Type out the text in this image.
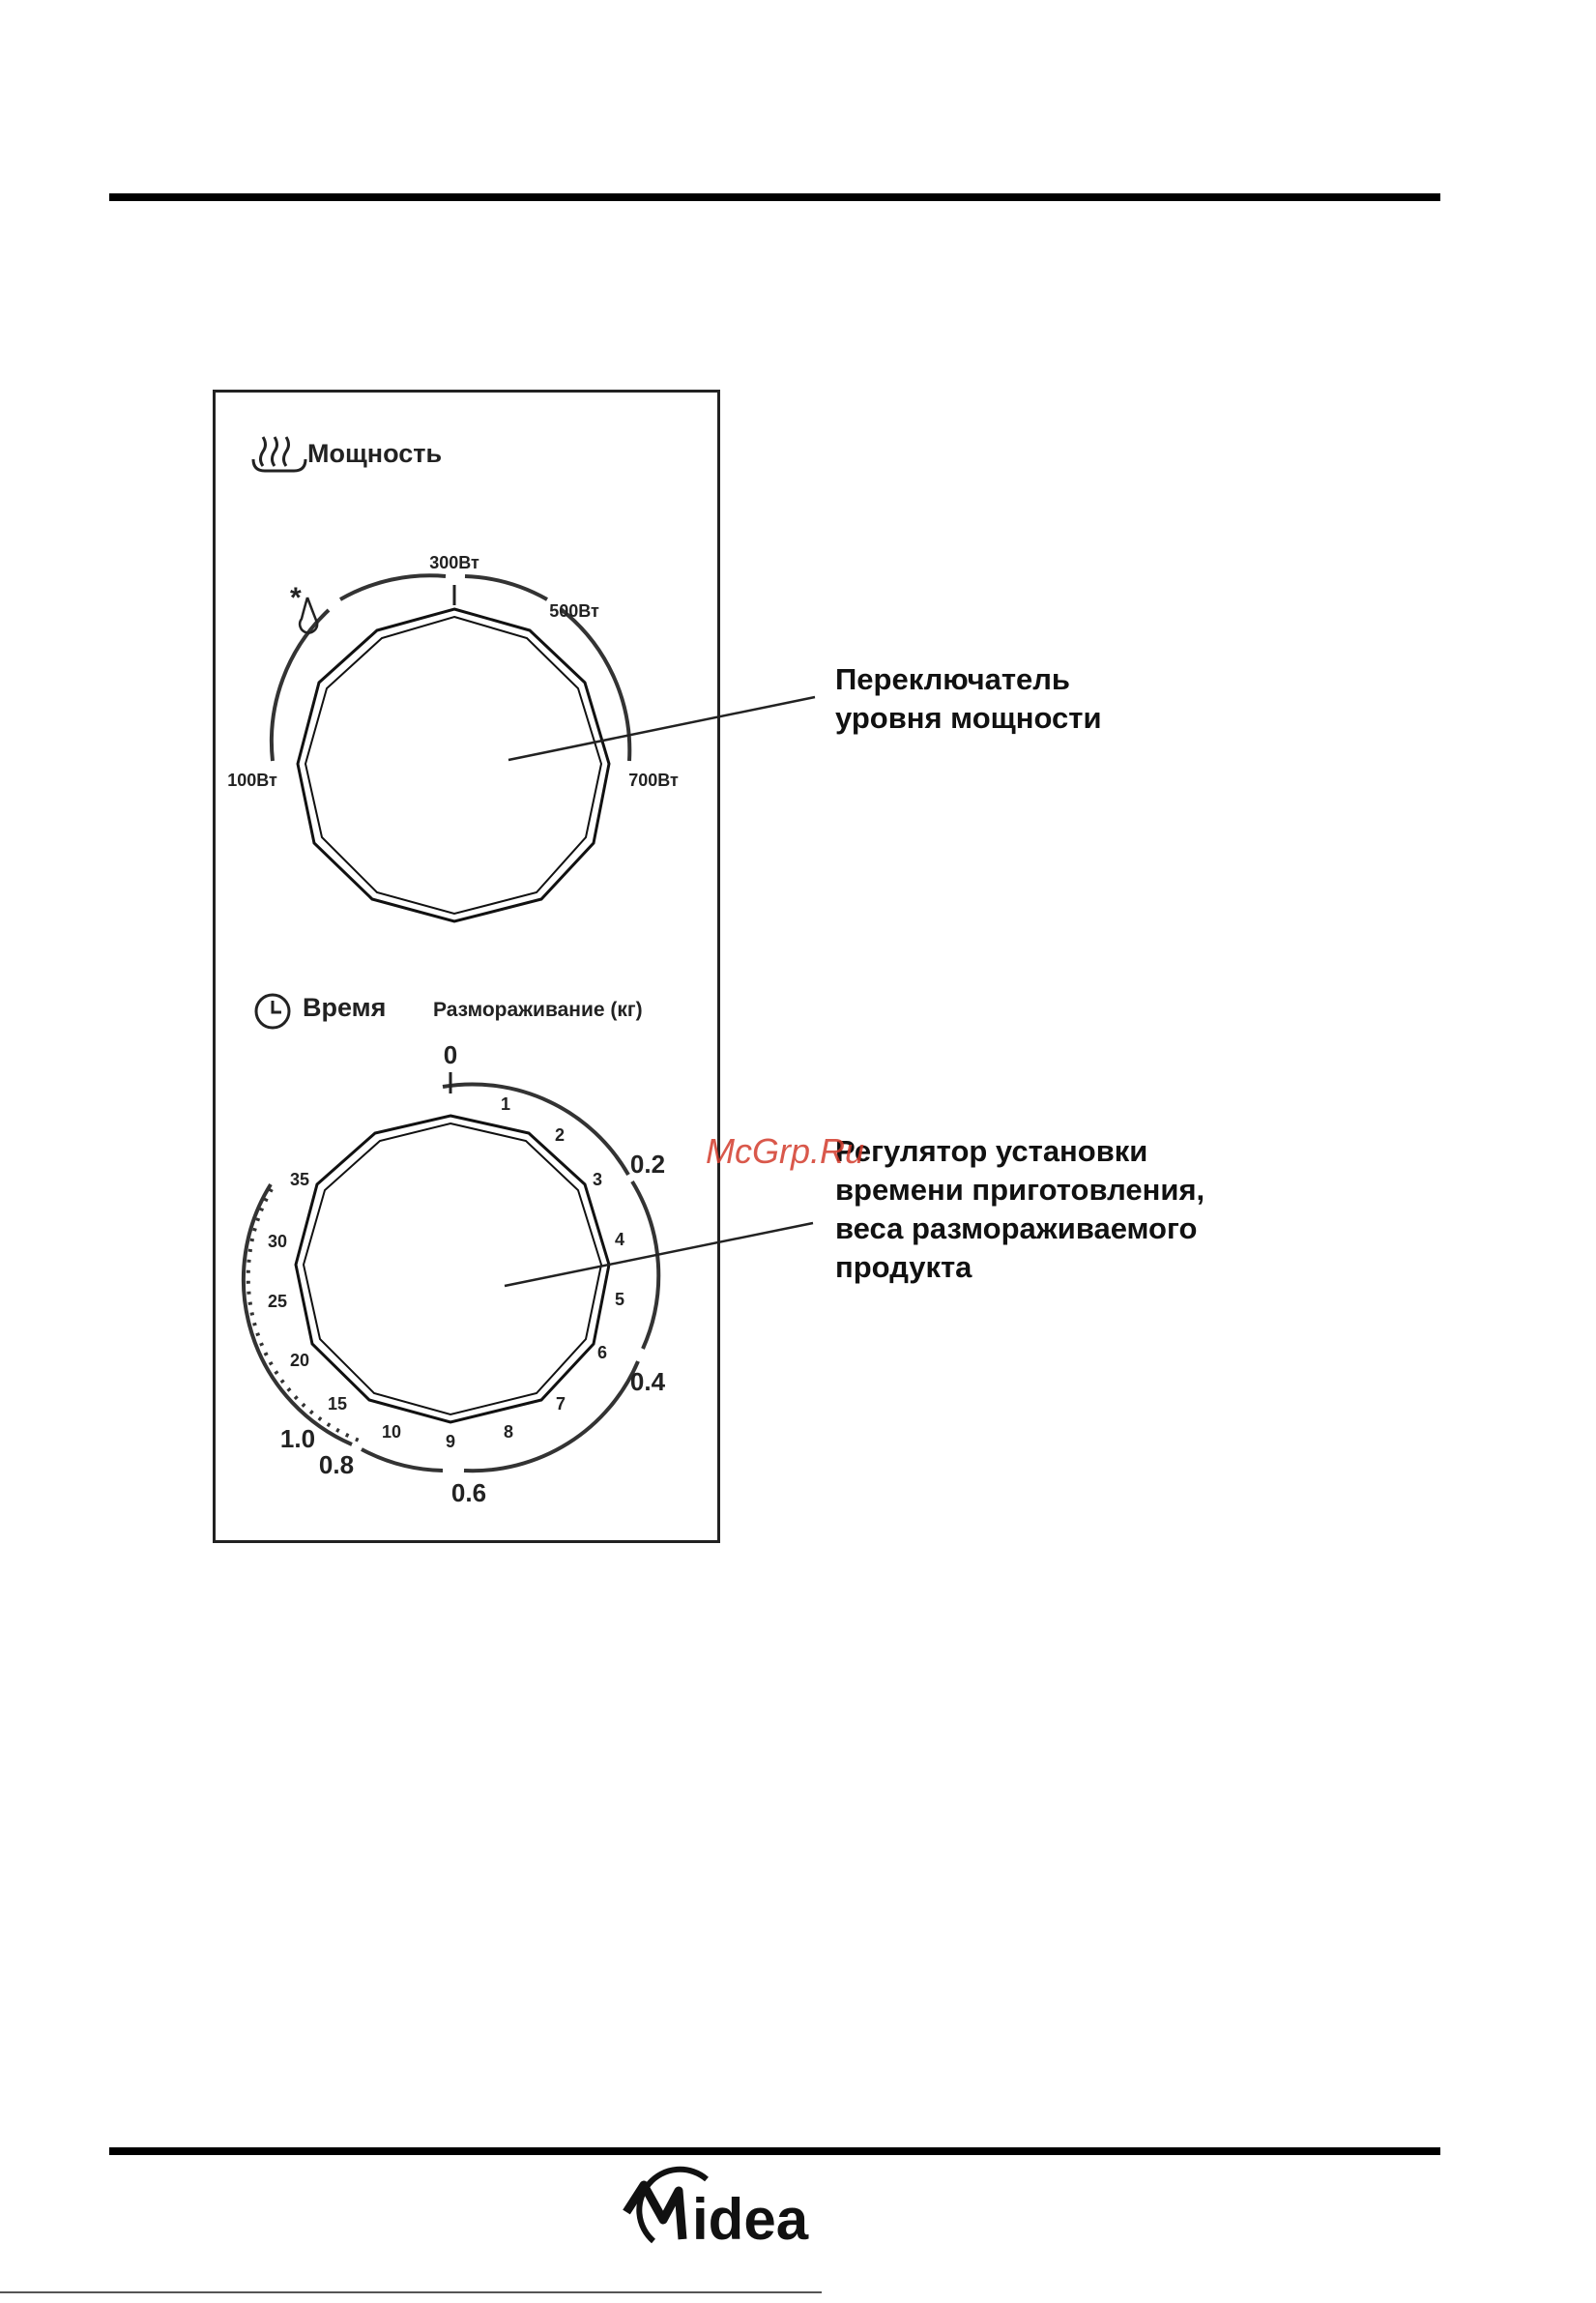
Мощность
300Вт
500Вт
100Вт	700Вт
*
Время Размораживание (кг)
0
1
2
3
4
5
6
7
8
9
10
15
20
25
30
35
0.2
0.4
0.6
0.8
1.0
Переключатель
уровня мощности
Регулятор установки
времени приготовления,
веса размораживаемого
продукта
McGrp.Ru
idea
